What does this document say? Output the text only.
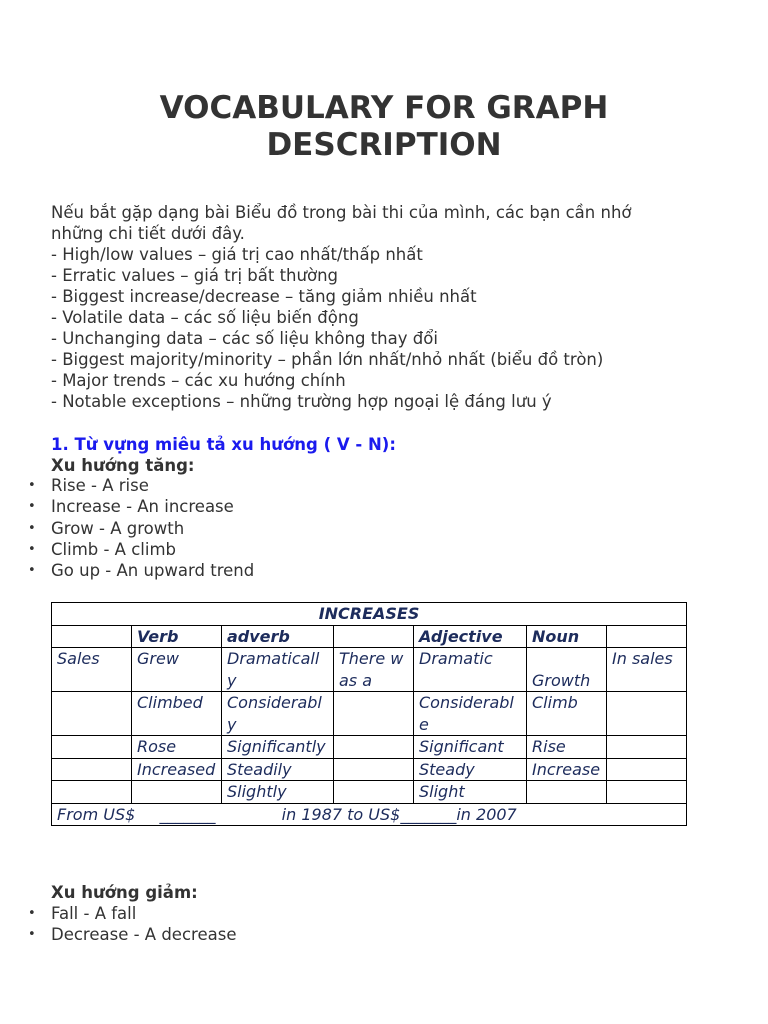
VOCABULARY FOR GRAPH
DESCRIPTION
Nếu bắt gặp dạng bài Biểu đồ trong bài thi của mình, các bạn cần nhớ
những chi tiết dưới đây.
- High/low values – giá trị cao nhất/thấp nhất
- Erratic values – giá trị bất thường
- Biggest increase/decrease – tăng giảm nhiều nhất
- Volatile data – các số liệu biến động
- Unchanging data – các số liệu không thay đổi
- Biggest majority/minority – phần lớn nhất/nhỏ nhất (biểu đồ tròn)
- Major trends – các xu hướng chính
- Notable exceptions – những trường hợp ngoại lệ đáng lưu ý
1. Từ vựng miêu tả xu hướng ( V - N):
Xu hướng tăng:
• Rise - A rise
• Increase - An increase
• Grow - A growth
• Climb - A climb
• Go up - An upward trend
INCREASES						
	Verb	adverb		Adjective	Noun	
Sales	Grew	Dramatically	There was a	Dramatic	Growth	In sales
	Climbed	Considerably		Considerable	Climb	
	Rose	Significantly		Significant	Rise	
	Increased	Steadily		Steady	Increase	
		Slightly		Slight		
From US$ _______ in 1987 to US$_______in 2007						
Xu hướng giảm:
• Fall - A fall
• Decrease - A decrease
